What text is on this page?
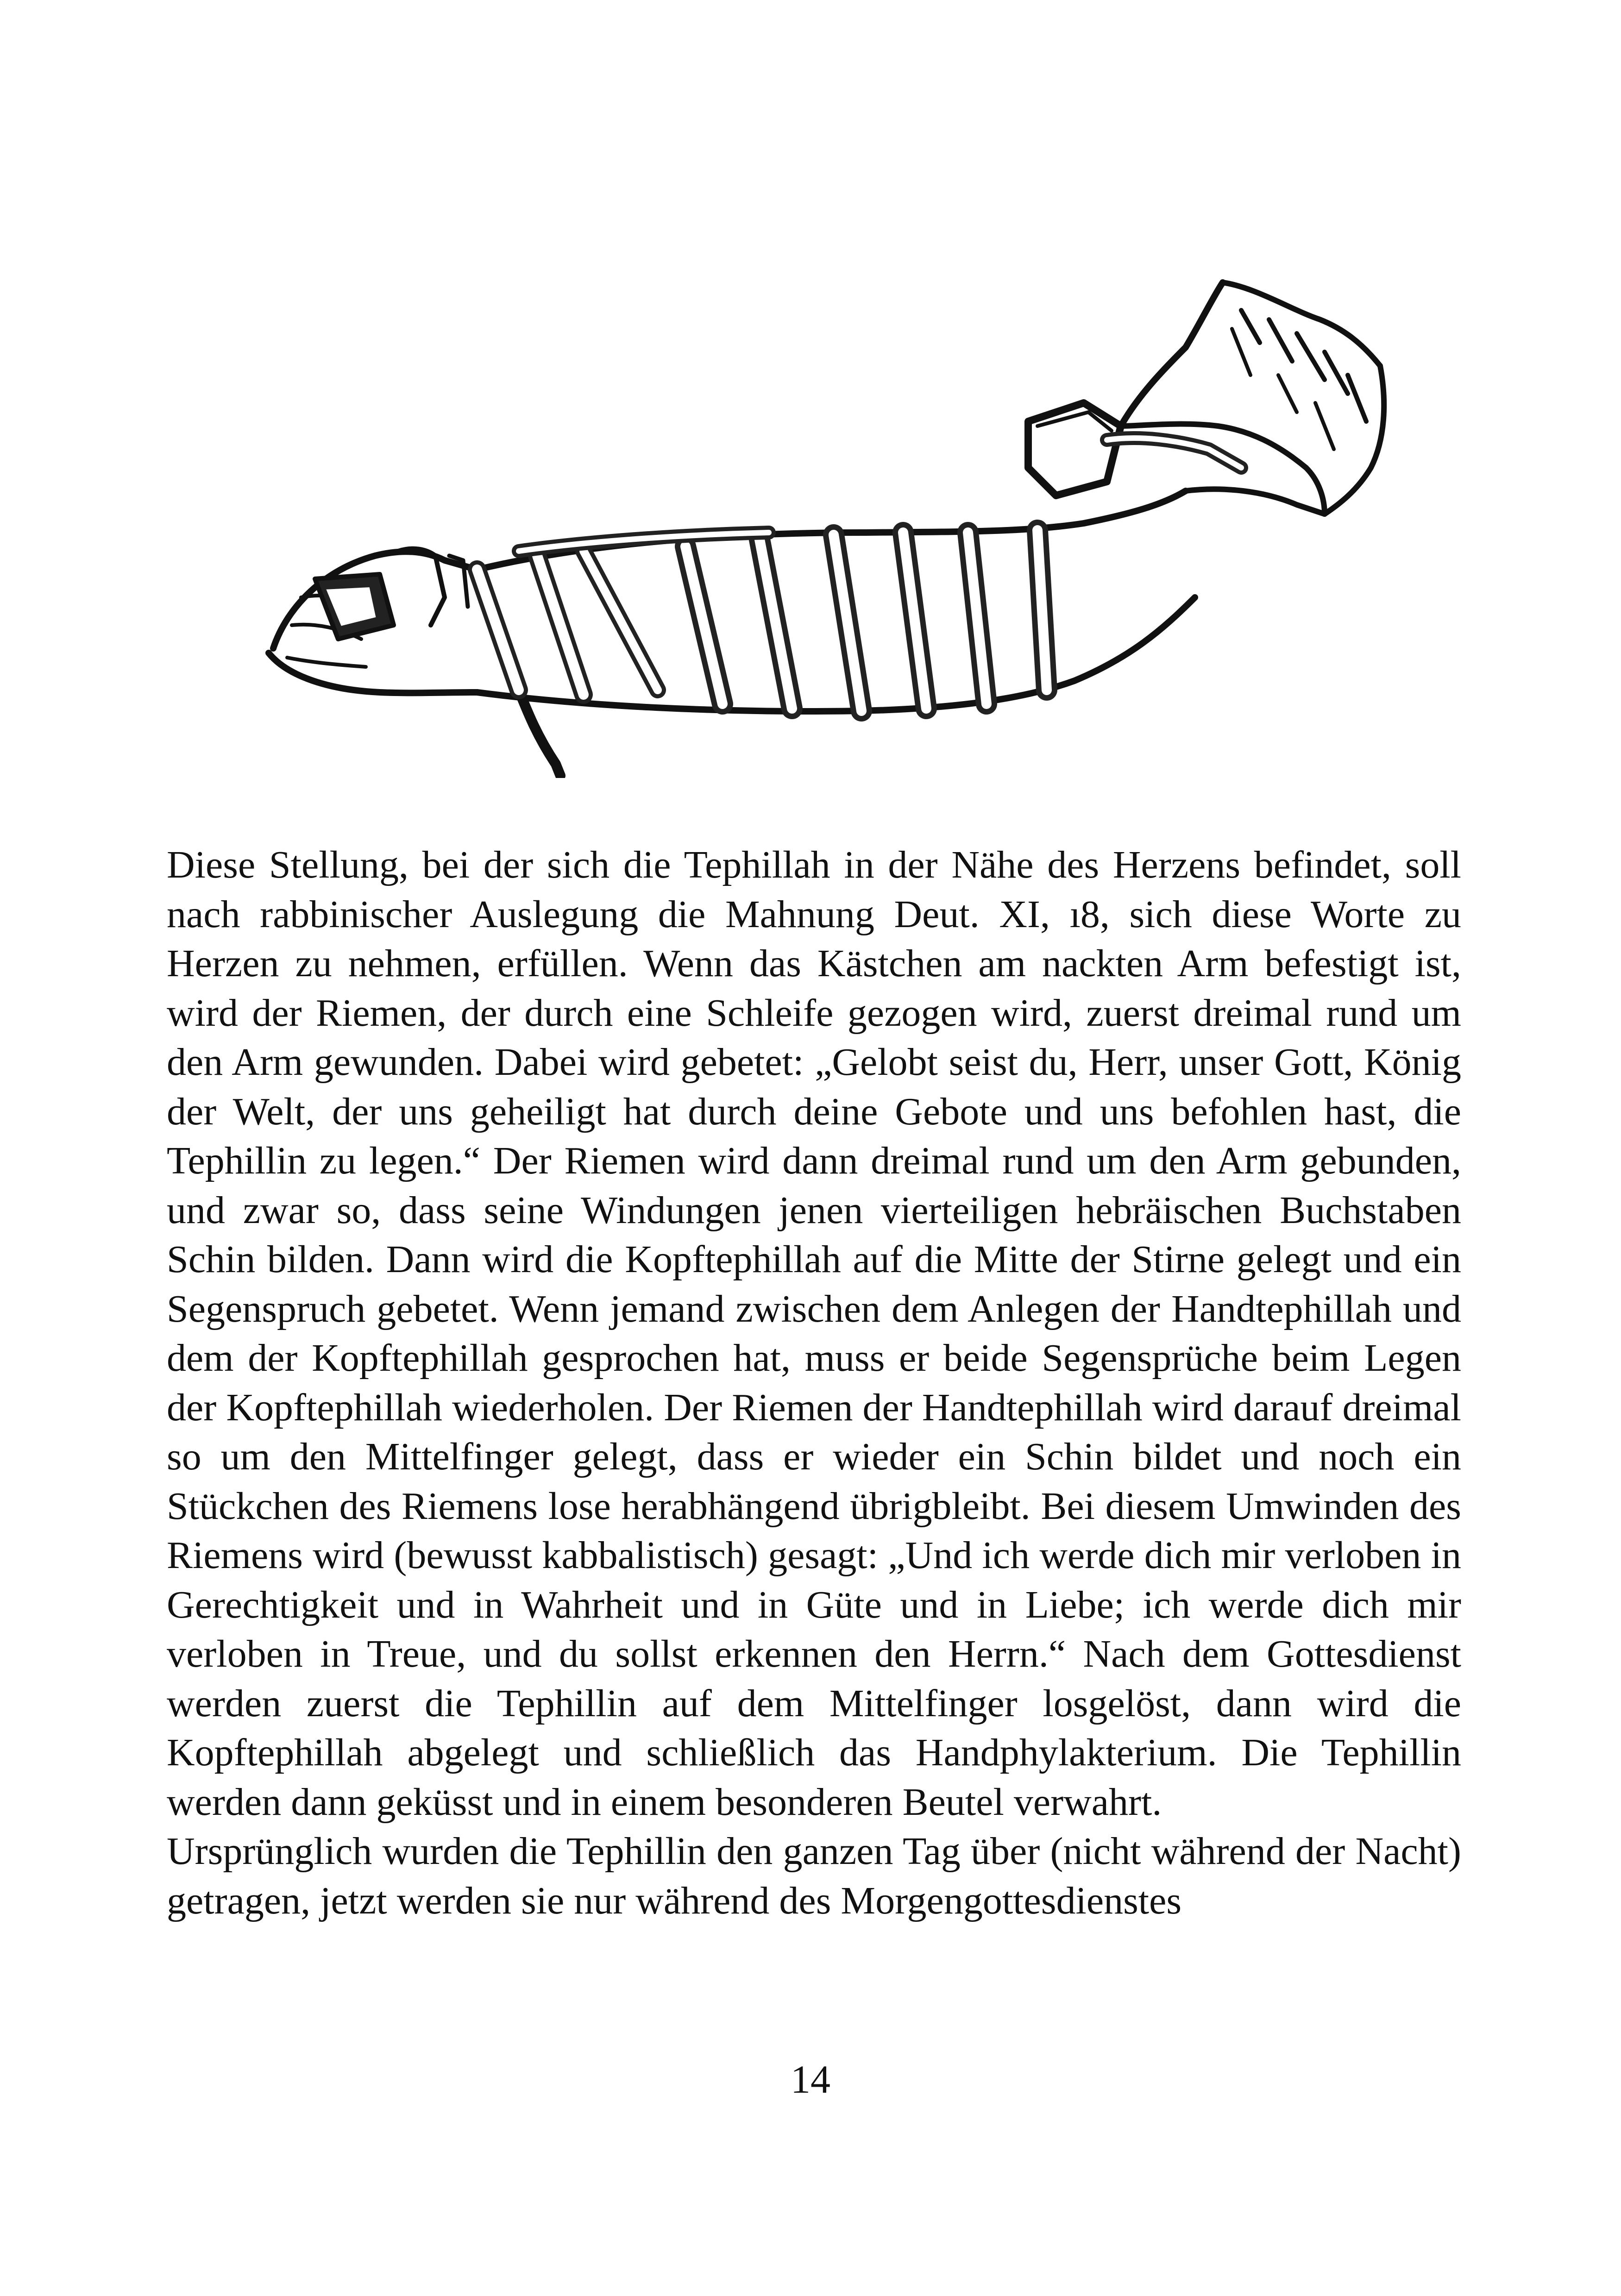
Diese Stellung, bei der sich die Tephillah in der Nähe des Herzens befindet, soll nach rabbinischer Auslegung die Mahnung Deut. XI, ı8, sich diese Worte zu Herzen zu nehmen, erfüllen. Wenn das Kästchen am nackten Arm befestigt ist, wird der Riemen, der durch eine Schleife gezogen wird, zuerst dreimal rund um den Arm gewunden. Dabei wird gebetet: „Gelobt seist du, Herr, unser Gott, König der Welt, der uns geheiligt hat durch deine Gebote und uns befohlen hast, die Tephillin zu legen.“ Der Riemen wird dann dreimal rund um den Arm gebunden, und zwar so, dass seine Windungen jenen vierteiligen hebräischen Buchstaben Schin bilden. Dann wird die Kopftephillah auf die Mitte der Stirne gelegt und ein Segenspruch gebetet. Wenn jemand zwischen dem Anlegen der Handtephillah und dem der Kopftephillah gesprochen hat, muss er beide Segensprüche beim Legen der Kopftephillah wiederholen. Der Riemen der Handtephillah wird darauf dreimal so um den Mittelfinger gelegt, dass er wieder ein Schin bildet und noch ein Stückchen des Riemens lose herabhängend übrigbleibt. Bei diesem Umwinden des Riemens wird (bewusst kabbalistisch) gesagt: „Und ich werde dich mir verloben in Gerechtigkeit und in Wahrheit und in Güte und in Liebe; ich werde dich mir verloben in Treue, und du sollst erkennen den Herrn.“ Nach dem Gottesdienst werden zuerst die Tephillin auf dem Mittelfinger losgelöst, dann wird die Kopftephillah abgelegt und schließlich das Handphylakterium. Die Tephillin werden dann geküsst und in einem besonderen Beutel verwahrt.

Ursprünglich wurden die Tephillin den ganzen Tag über (nicht während der Nacht) getragen, jetzt werden sie nur während des Morgengottesdienstes

14
